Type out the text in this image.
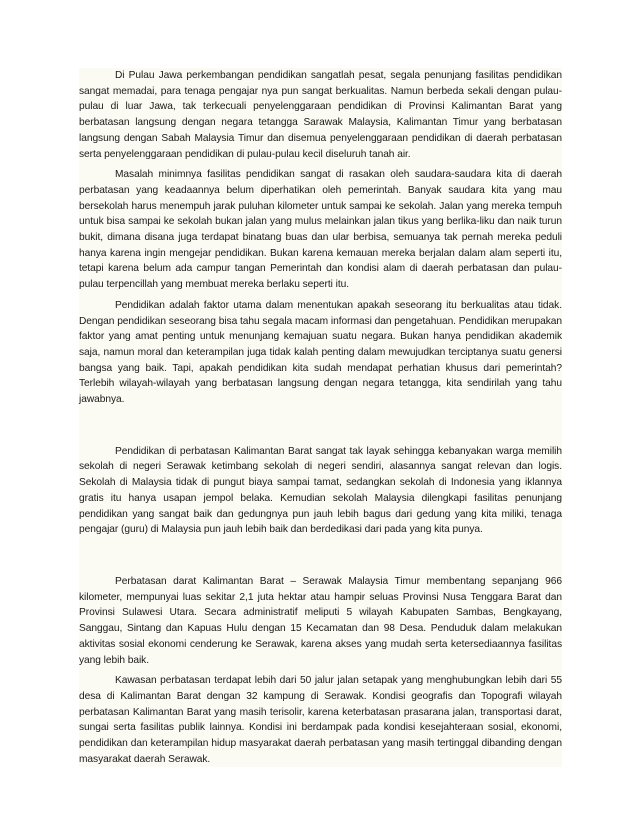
Di Pulau Jawa perkembangan pendidikan sangatlah pesat, segala penunjang fasilitas pendidikan sangat memadai, para tenaga pengajar nya pun sangat berkualitas. Namun berbeda sekali dengan pulau-pulau di luar Jawa, tak terkecuali penyelenggaraan pendidikan di Provinsi Kalimantan Barat yang berbatasan langsung dengan negara tetangga Sarawak Malaysia, Kalimantan Timur yang berbatasan langsung dengan Sabah Malaysia Timur dan disemua penyelenggaraan pendidikan di daerah perbatasan serta penyelenggaraan pendidikan di pulau-pulau kecil diseluruh tanah air.

Masalah minimnya fasilitas pendidikan sangat di rasakan oleh saudara-saudara kita di daerah perbatasan yang keadaannya belum diperhatikan oleh pemerintah. Banyak saudara kita yang mau bersekolah harus menempuh jarak puluhan kilometer untuk sampai ke sekolah. Jalan yang mereka tempuh untuk bisa sampai ke sekolah bukan jalan yang mulus melainkan jalan tikus yang berlika-liku dan naik turun bukit, dimana disana juga terdapat binatang buas dan ular berbisa, semuanya tak pernah mereka peduli hanya karena ingin mengejar pendidikan. Bukan karena kemauan mereka berjalan dalam alam seperti itu, tetapi karena belum ada campur tangan Pemerintah dan kondisi alam di daerah perbatasan dan pulau-pulau terpencillah yang membuat mereka berlaku seperti itu.

Pendidikan adalah faktor utama dalam menentukan apakah seseorang itu berkualitas atau tidak. Dengan pendidikan seseorang bisa tahu segala macam informasi dan pengetahuan. Pendidikan merupakan faktor yang amat penting untuk menunjang kemajuan suatu negara. Bukan hanya pendidikan akademik saja, namun moral dan keterampilan juga tidak kalah penting dalam mewujudkan terciptanya suatu genersi bangsa yang baik. Tapi, apakah pendidikan kita sudah mendapat perhatian khusus dari pemerintah? Terlebih wilayah-wilayah yang berbatasan langsung dengan negara tetangga, kita sendirilah yang tahu jawabnya.

Pendidikan di perbatasan Kalimantan Barat sangat tak layak sehingga kebanyakan warga memilih sekolah di negeri Serawak ketimbang sekolah di negeri sendiri, alasannya sangat relevan dan logis. Sekolah di Malaysia tidak di pungut biaya sampai tamat, sedangkan sekolah di Indonesia yang iklannya gratis itu hanya usapan jempol belaka. Kemudian sekolah Malaysia dilengkapi fasilitas penunjang pendidikan yang sangat baik dan gedungnya pun jauh lebih bagus dari gedung yang kita miliki, tenaga pengajar (guru) di Malaysia pun jauh lebih baik dan berdedikasi dari pada yang kita punya.

Perbatasan darat Kalimantan Barat – Serawak Malaysia Timur membentang sepanjang 966 kilometer, mempunyai luas sekitar 2,1 juta hektar atau hampir seluas Provinsi Nusa Tenggara Barat dan Provinsi Sulawesi Utara. Secara administratif meliputi 5 wilayah Kabupaten Sambas, Bengkayang, Sanggau, Sintang dan Kapuas Hulu dengan 15 Kecamatan dan 98 Desa. Penduduk dalam melakukan aktivitas sosial ekonomi cenderung ke Serawak, karena akses yang mudah serta ketersediaannya fasilitas yang lebih baik.

Kawasan perbatasan terdapat lebih dari 50 jalur jalan setapak yang menghubungkan lebih dari 55 desa di Kalimantan Barat dengan 32 kampung di Serawak. Kondisi geografis dan Topografi wilayah perbatasan Kalimantan Barat yang masih terisolir, karena keterbatasan prasarana jalan, transportasi darat, sungai serta fasilitas publik lainnya. Kondisi ini berdampak pada kondisi kesejahteraan sosial, ekonomi, pendidikan dan keterampilan hidup masyarakat daerah perbatasan yang masih tertinggal dibanding dengan masyarakat daerah Serawak.
